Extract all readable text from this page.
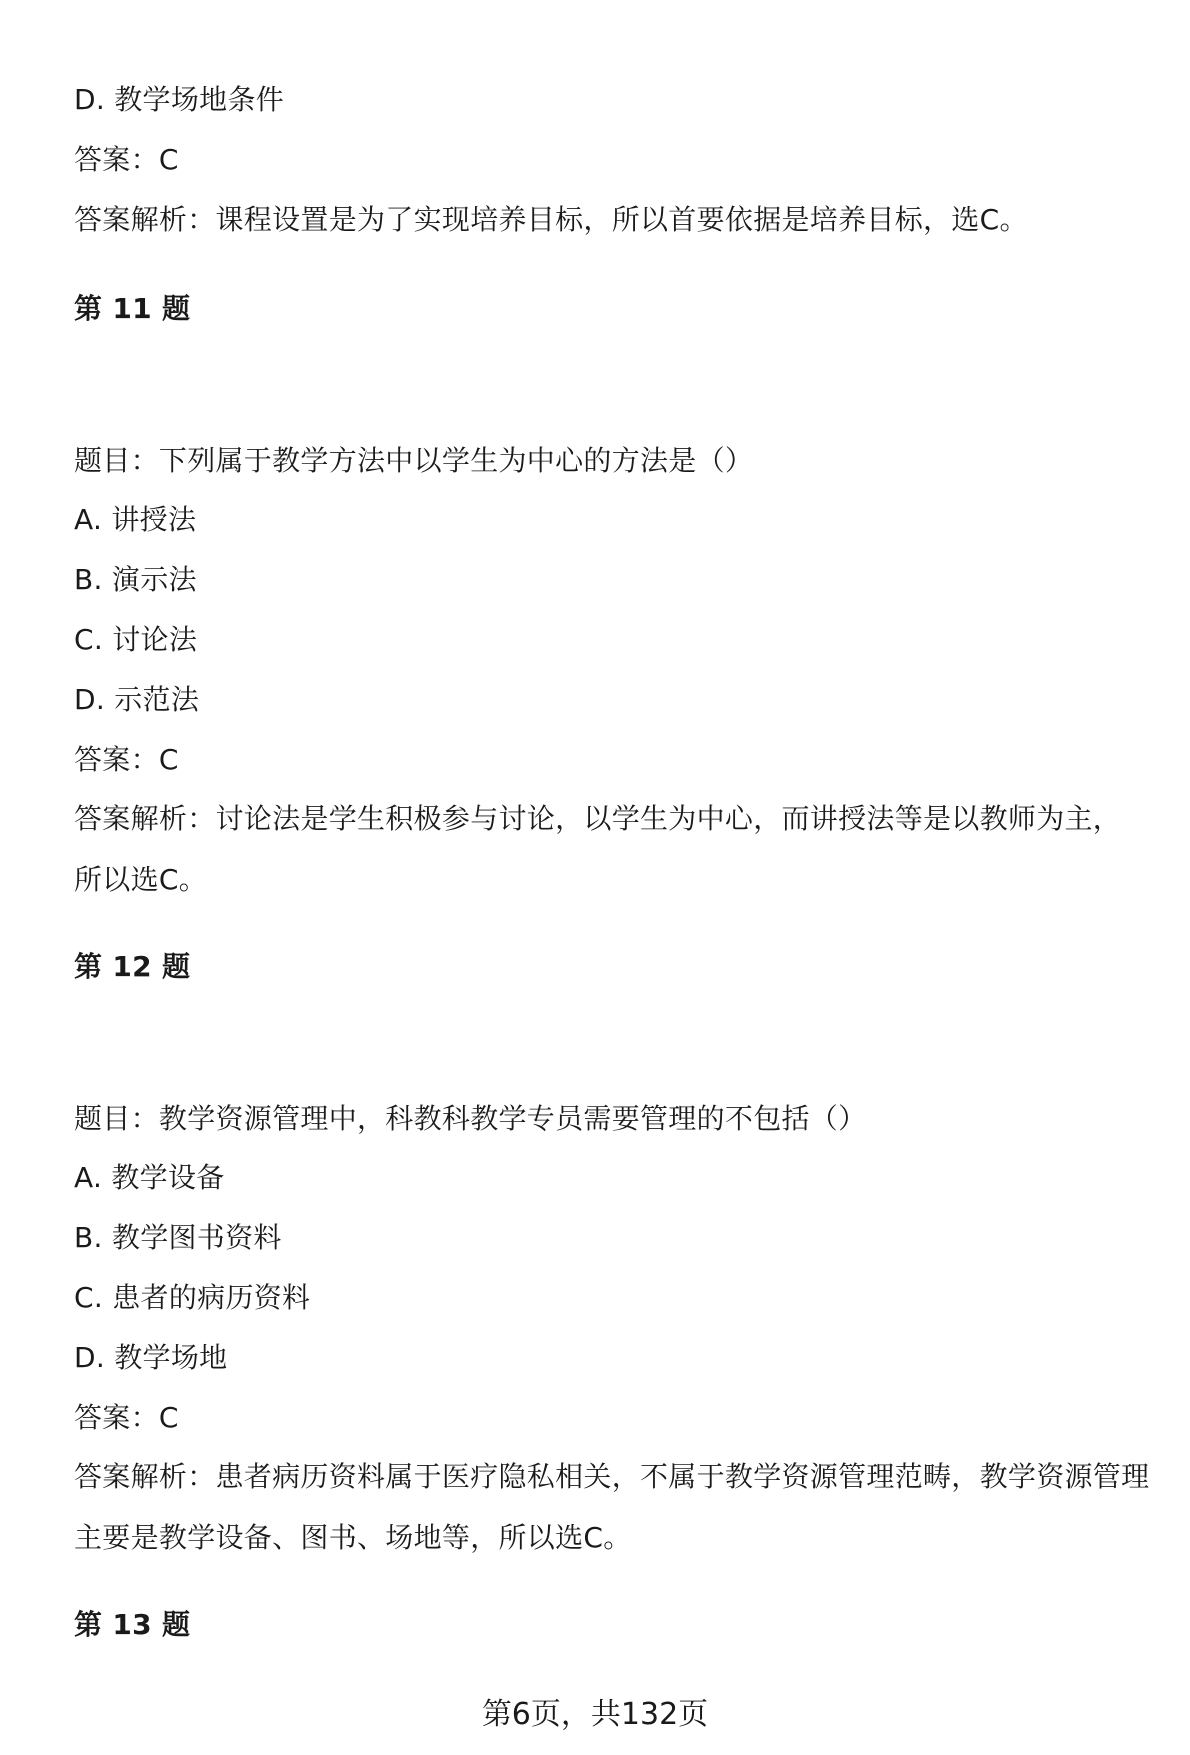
D. 教学场地条件
答案：C
答案解析：课程设置是为了实现培养目标，所以首要依据是培养目标，选C。
第 11 题
题目：下列属于教学方法中以学生为中心的方法是（）
A. 讲授法
B. 演示法
C. 讨论法
D. 示范法
答案：C
答案解析：讨论法是学生积极参与讨论，以学生为中心，而讲授法等是以教师为主，所以选C。
第 12 题
题目：教学资源管理中，科教科教学专员需要管理的不包括（）
A. 教学设备
B. 教学图书资料
C. 患者的病历资料
D. 教学场地
答案：C
答案解析：患者病历资料属于医疗隐私相关，不属于教学资源管理范畴，教学资源管理主要是教学设备、图书、场地等，所以选C。
第 13 题
第6页，共132页
